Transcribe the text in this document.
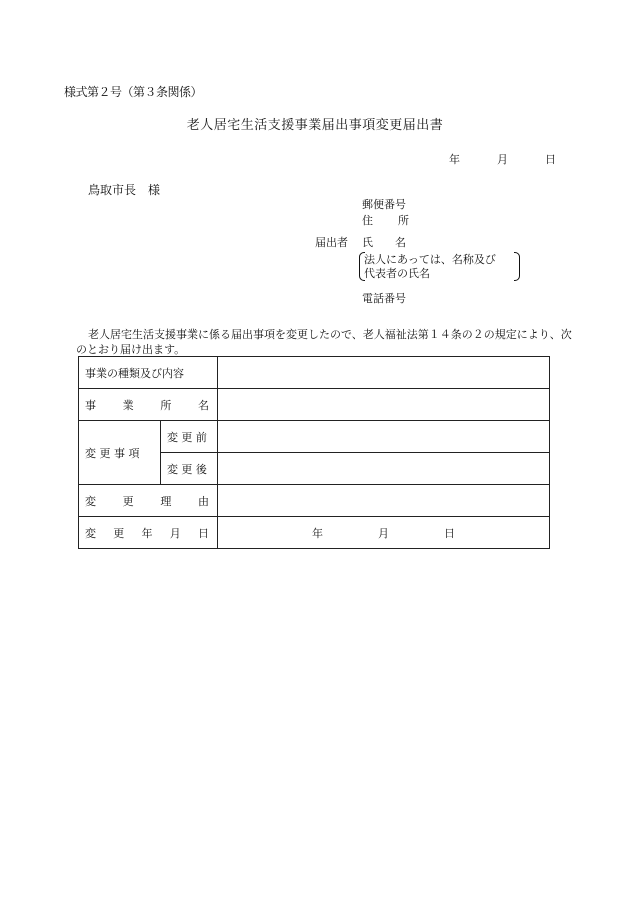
様式第２号（第３条関係）
老人居宅生活支援事業届出事項変更届出書
年	月	日
鳥取市長　様
郵便番号
住　　所
届出者 氏　　名
法人にあっては、名称及び
代表者の氏名
電話番号
老人居宅生活支援事業に係る届出事項を変更したので、老人福祉法第１４条の２の規定により、次のとおり届け出ます。
事業の種類及び内容		

事 業 所 名		

変 更 事 項	変 更 前	
	変 更 後	

変 更 理 由		

変 更 年 月 日		年 月 日
